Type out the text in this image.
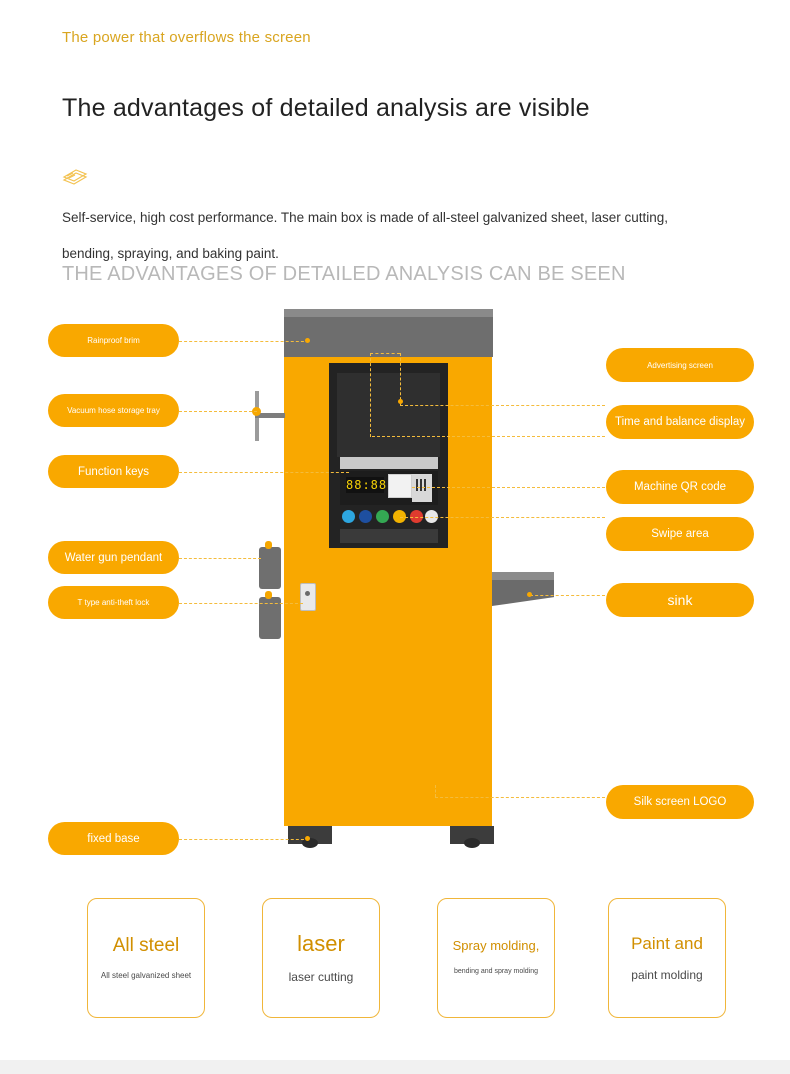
The power that overflows the screen
The advantages of detailed analysis are visible
Self-service, high cost performance. The main box is made of all-steel galvanized sheet, laser cutting, bending, spraying, and baking paint.
THE ADVANTAGES OF DETAILED ANALYSIS CAN BE SEEN
88:88
Rainproof brim
Vacuum hose storage tray
Function keys
Water gun pendant
T type anti-theft lock
fixed base
Advertising screen
Time and balance display
Machine QR code
Swipe area
sink
Silk screen LOGO
All steel
All steel galvanized sheet
laser
laser cutting
Spray molding,
bending and spray molding
Paint and
paint molding
